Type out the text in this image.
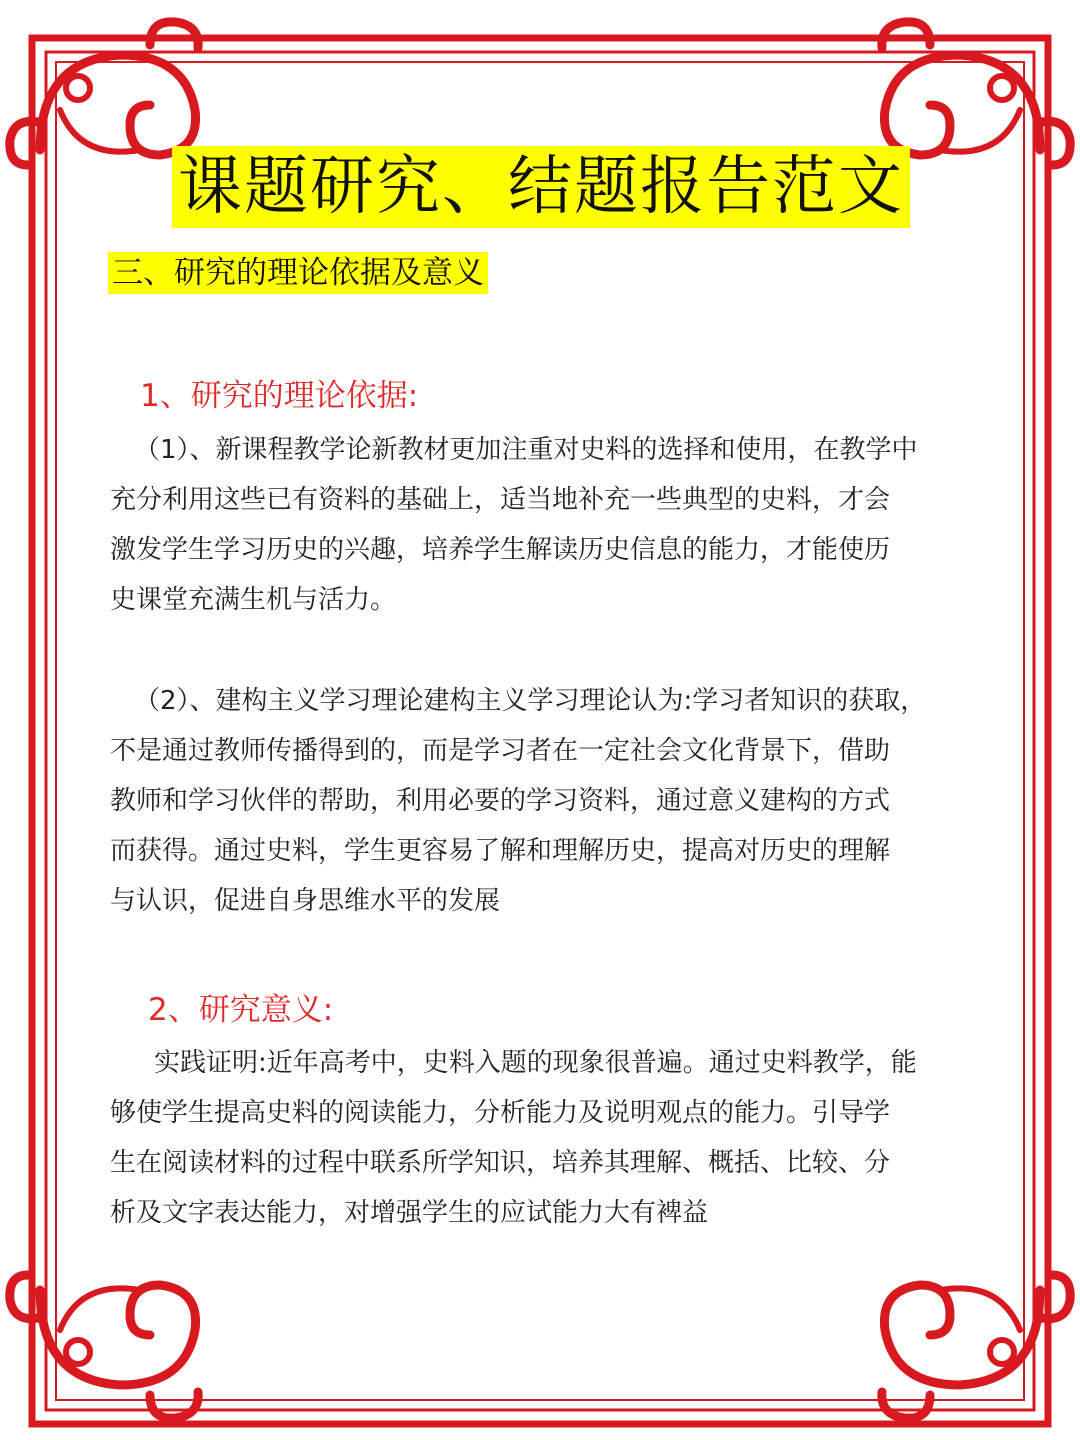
课题研究、结题报告范文
三、研究的理论依据及意义
1、研究的理论依据:

（1）、新课程教学论新教材更加注重对史料的选择和使用，在教学中
充分利用这些已有资料的基础上，适当地补充一些典型的史料，才会
激发学生学习历史的兴趣，培养学生解读历史信息的能力，才能使历
史课堂充满生机与活力。

（2）、建构主义学习理论建构主义学习理论认为:学习者知识的获取，
不是通过教师传播得到的，而是学习者在一定社会文化背景下，借助
教师和学习伙伴的帮助，利用必要的学习资料，通过意义建构的方式
而获得。通过史料，学生更容易了解和理解历史，提高对历史的理解
与认识，促进自身思维水平的发展

2、研究意义:

实践证明:近年高考中，史料入题的现象很普遍。通过史料教学，能
够使学生提高史料的阅读能力，分析能力及说明观点的能力。引导学
生在阅读材料的过程中联系所学知识，培养其理解、概括、比较、分
析及文字表达能力，对增强学生的应试能力大有裨益
